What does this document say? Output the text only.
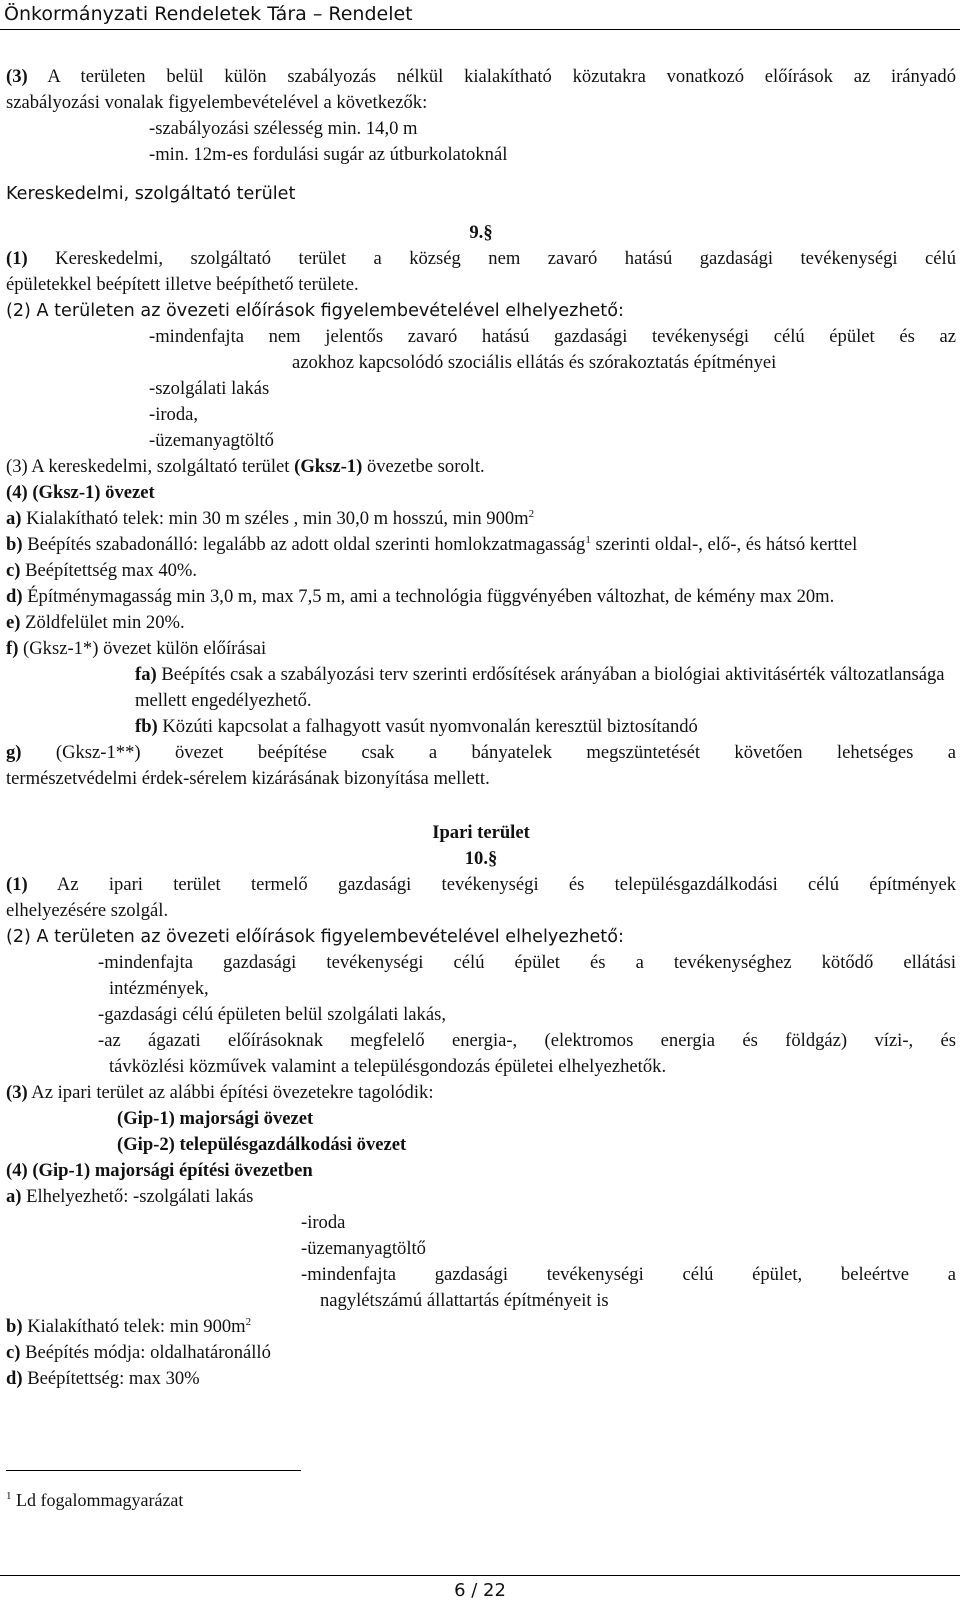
Önkormányzati Rendeletek Tára – Rendelet

(3) A területen belül külön szabályozás nélkül kialakítható közutakra vonatkozó előírások az irányadó

szabályozási vonalak figyelembevételével a következők:

-szabályozási szélesség min. 14,0 m

-min. 12m-es fordulási sugár az útburkolatoknál

Kereskedelmi, szolgáltató terület

9.§

(1) Kereskedelmi, szolgáltató terület a község nem zavaró hatású gazdasági tevékenységi célú

épületekkel beépített illetve beépíthető területe.

(2) A területen az övezeti előírások figyelembevételével elhelyezhető:

-mindenfajta nem jelentős zavaró hatású gazdasági tevékenységi célú épület és az

azokhoz kapcsolódó szociális ellátás és szórakoztatás építményei

-szolgálati lakás

-iroda,

-üzemanyagtöltő

(3) A kereskedelmi, szolgáltató terület (Gksz-1) övezetbe sorolt.

(4) (Gksz-1) övezet

a) Kialakítható telek: min 30 m széles , min 30,0 m hosszú, $\min 900m^2$

b) Beépítés szabadonálló: legalább az adott oldal szerinti homlokzatmagasság$^1$ szerinti oldal-, elő-, és hátsó kerttel

c) Beépítettség max 40%.

d) Építménymagasság min 3,0 m, max 7,5 m, ami a technológia függvényében változhat, de kémény max 20m.

e) Zöldfelület min 20%.

f) (Gksz-1*) övezet külön előírásai

fa) Beépítés csak a szabályozási terv szerinti erdősítések arányában a biológiai aktivitásérték változatlansága mellett engedélyezhető.

fb) Közúti kapcsolat a falhagyott vasút nyomvonalán keresztül biztosítandó

g) (Gksz-1**) övezet beépítése csak a bányatelek megszüntetését követően lehetséges a

természetvédelmi érdek-sérelem kizárásának bizonyítása mellett.

Ipari terület

10.§

(1) Az ipari terület termelő gazdasági tevékenységi és településgazdálkodási célú építmények

elhelyezésére szolgál.

(2) A területen az övezeti előírások figyelembevételével elhelyezhető:

-mindenfajta gazdasági tevékenységi célú épület és a tevékenységhez kötődő ellátási

intézmények,

-gazdasági célú épületen belül szolgálati lakás,

-az ágazati előírásoknak megfelelő energia-, (elektromos energia és földgáz) vízi-, és

távközlési közművek valamint a településgondozás épületei elhelyezhetők.

(3) Az ipari terület az alábbi építési övezetekre tagolódik:

(Gip-1) majorsági övezet

(Gip-2) településgazdálkodási övezet

(4) (Gip-1) majorsági építési övezetben

a) Elhelyezhető: -szolgálati lakás

-iroda

-üzemanyagtöltő

-mindenfajta gazdasági tevékenységi célú épület, beleértve a

nagylétszámú állattartás építményeit is

b) Kialakítható telek: $\min 900m^2$

c) Beépítés módja: oldalhatáronálló

d) Beépítettség: max 30%

$^1$ Ld fogalommagyarázat
6 / 22
